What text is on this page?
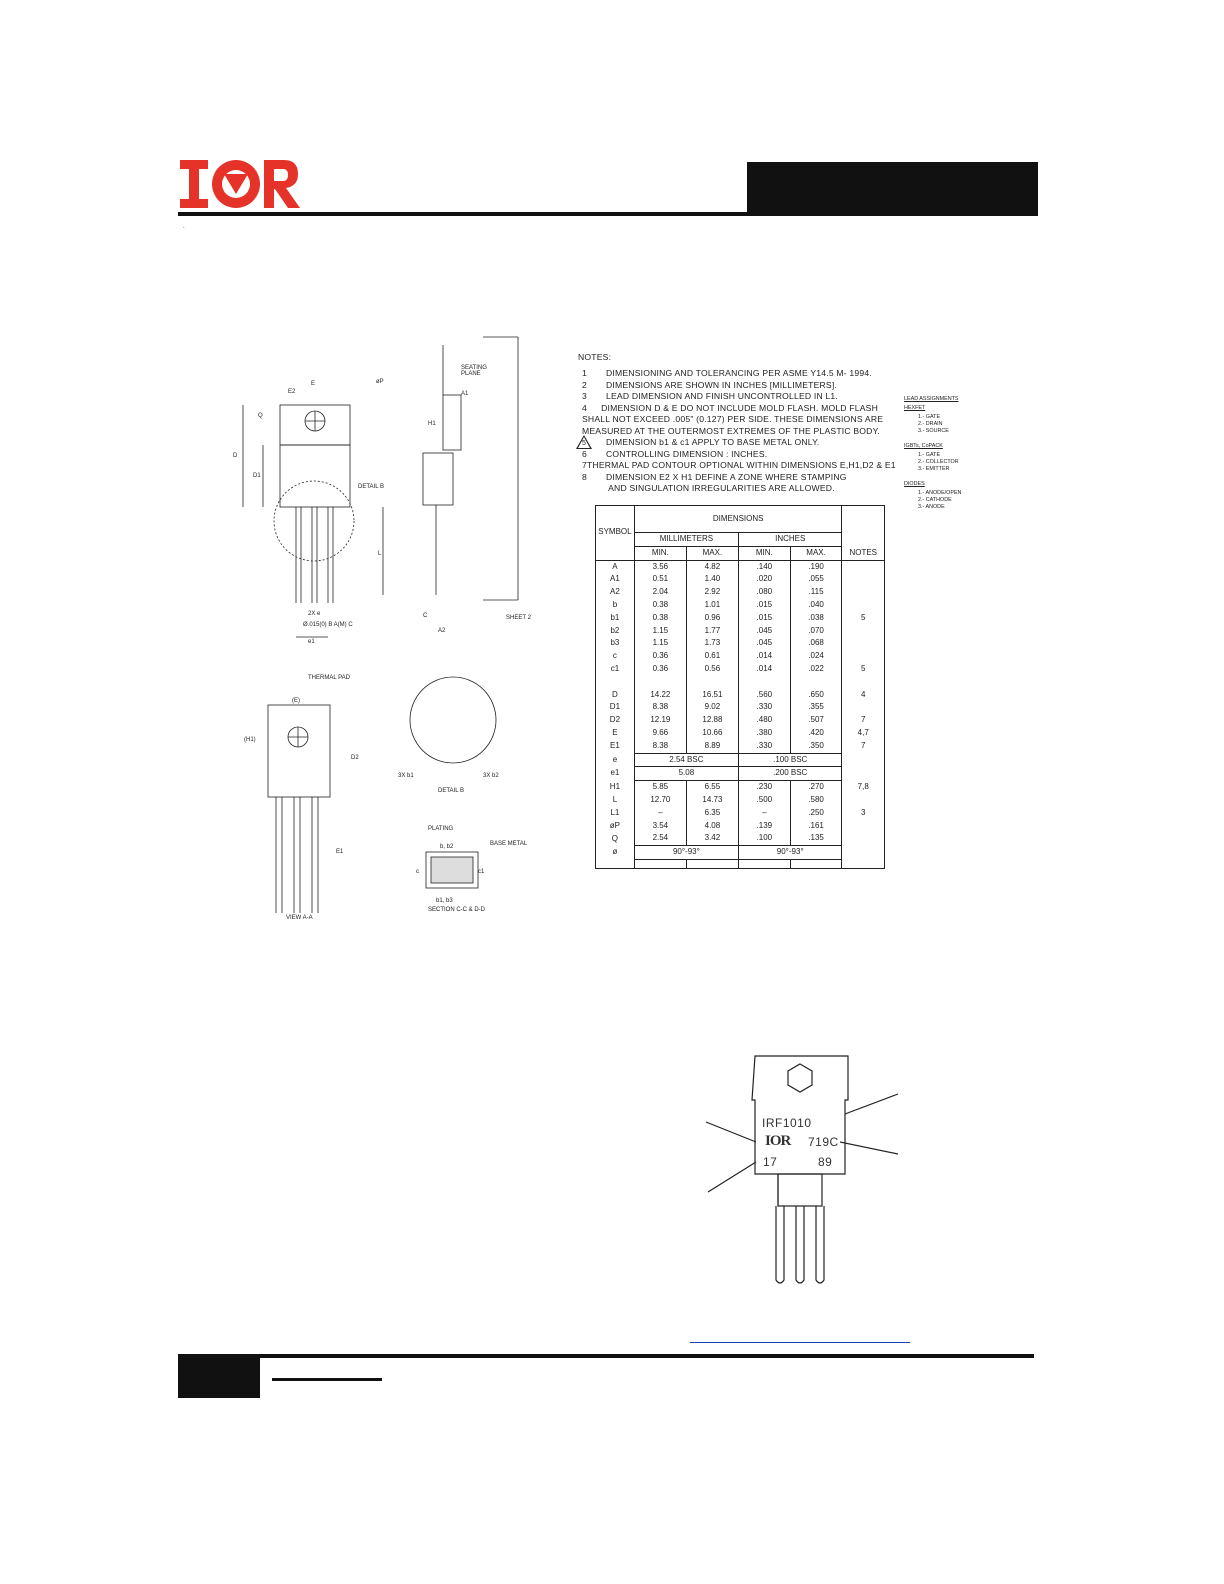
.
E
E2
øP
DETAIL B
D
D1
Q
L
2X e
Ø.015(0) B A(M) C
e1
SEATING
PLANE
A1
H1
C
A2
SHEET 2
THERMAL PAD
(E)
(H1)
D2
E1
VIEW A-A
3X b1	3X b2
DETAIL B
PLATING
BASE METAL
b, b2
b1, b3
c	c1
SECTION C-C & D-D
NOTES:
1	DIMENSIONING AND TOLERANCING PER ASME Y14.5 M- 1994.
2	DIMENSIONS ARE SHOWN IN INCHES [MILLIMETERS].
3	LEAD DIMENSION AND FINISH UNCONTROLLED IN L1.
4	DIMENSION D & E DO NOT INCLUDE MOLD FLASH. MOLD FLASH
SHALL NOT EXCEED .005" (0.127) PER SIDE. THESE DIMENSIONS ARE
MEASURED AT THE OUTERMOST EXTREMES OF THE PLASTIC BODY.
5 DIMENSION b1 & c1 APPLY TO BASE METAL ONLY.
6	CONTROLLING DIMENSION : INCHES.
7 THERMAL PAD CONTOUR OPTIONAL WITHIN DIMENSIONS E,H1,D2 & E1
8	DIMENSION E2 X H1 DEFINE A ZONE WHERE STAMPING
AND SINGULATION IRREGULARITIES ARE ALLOWED.
LEAD ASSIGNMENTS
HEXFET
1.- GATE
2.- DRAIN
3.- SOURCE
IGBTs, CoPACK
1.- GATE
2.- COLLECTOR
3.- EMITTER
DIODES
1.- ANODE/OPEN
2.- CATHODE
3.- ANODE
SYMBOL	DIMENSIONS				NOTES
	MILLIMETERS		INCHES		
	MIN.	MAX.	MIN.	MAX.	
A	3.56	4.82	.140	.190	
A1	0.51	1.40	.020	.055	
A2	2.04	2.92	.080	.115	
b	0.38	1.01	.015	.040	
b1	0.38	0.96	.015	.038	5
b2	1.15	1.77	.045	.070	
b3	1.15	1.73	.045	.068	
c	0.36	0.61	.014	.024	
c1	0.36	0.56	.014	.022	5

D	14.22	16.51	.560	.650	4
D1	8.38	9.02	.330	.355	
D2	12.19	12.88	.480	.507	7
E	9.66	10.66	.380	.420	4,7
E1	8.38	8.89	.330	.350	7
e	2.54 BSC		.100 BSC		
e1	5.08		.200 BSC		
H1	5.85	6.55	.230	.270	7,8
L	12.70	14.73	.500	.580	
L1	–	6.35	–	.250	3
øP	3.54	4.08	.139	.161	
Q	2.54	3.42	.100	.135	
ø	90°-93°		90°-93°		

IRF1010
IOR 719C
17	89
